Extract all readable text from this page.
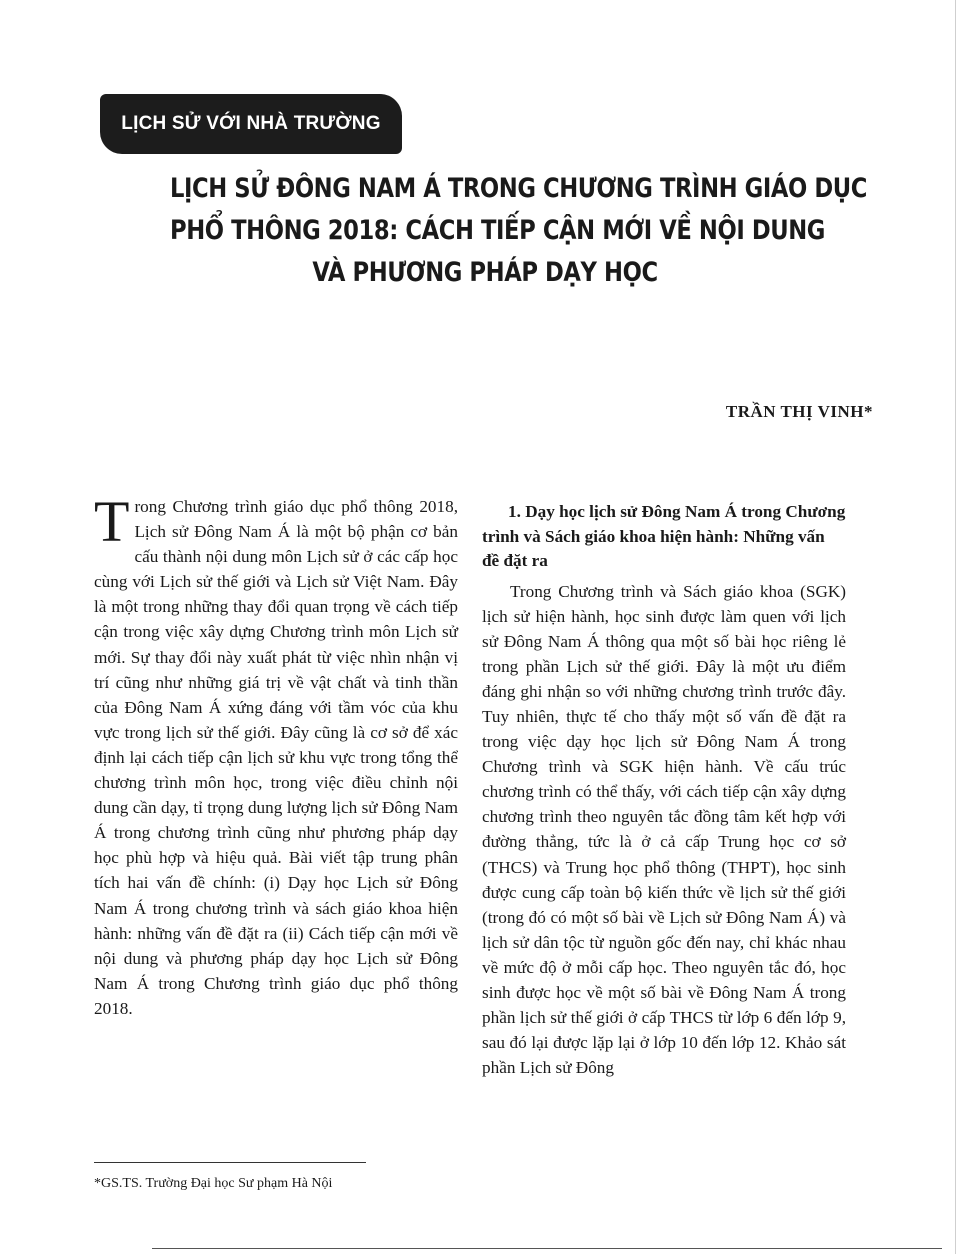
LỊCH SỬ VỚI NHÀ TRƯỜNG
LỊCH SỬ ĐÔNG NAM Á TRONG CHƯƠNG TRÌNH GIÁO DỤC
PHỔ THÔNG 2018: CÁCH TIẾP CẬN MỚI VỀ NỘI DUNG
VÀ PHƯƠNG PHÁP DẠY HỌC
TRẦN THỊ VINH*
Trong Chương trình giáo dục phổ thông 2018, Lịch sử Đông Nam Á là một bộ phận cơ bản cấu thành nội dung môn Lịch sử ở các cấp học cùng với Lịch sử thế giới và Lịch sử Việt Nam. Đây là một trong những thay đổi quan trọng về cách tiếp cận trong việc xây dựng Chương trình môn Lịch sử mới. Sự thay đổi này xuất phát từ việc nhìn nhận vị trí cũng như những giá trị về vật chất và tinh thần của Đông Nam Á xứng đáng với tầm vóc của khu vực trong lịch sử thế giới. Đây cũng là cơ sở để xác định lại cách tiếp cận lịch sử khu vực trong tổng thể chương trình môn học, trong việc điều chỉnh nội dung cần dạy, tỉ trọng dung lượng lịch sử Đông Nam Á trong chương trình cũng như phương pháp dạy học phù hợp và hiệu quả. Bài viết tập trung phân tích hai vấn đề chính: (i) Dạy học Lịch sử Đông Nam Á trong chương trình và sách giáo khoa hiện hành: những vấn đề đặt ra (ii) Cách tiếp cận mới về nội dung và phương pháp dạy học Lịch sử Đông Nam Á trong Chương trình giáo dục phổ thông 2018.

1. Dạy học lịch sử Đông Nam Á trong Chương trình và Sách giáo khoa hiện hành: Những vấn đề đặt ra

Trong Chương trình và Sách giáo khoa (SGK) lịch sử hiện hành, học sinh được làm quen với lịch sử Đông Nam Á thông qua một số bài học riêng lẻ trong phần Lịch sử thế giới. Đây là một ưu điểm đáng ghi nhận so với những chương trình trước đây. Tuy nhiên, thực tế cho thấy một số vấn đề đặt ra trong việc dạy học lịch sử Đông Nam Á trong Chương trình và SGK hiện hành. Về cấu trúc chương trình có thể thấy, với cách tiếp cận xây dựng chương trình theo nguyên tắc đồng tâm kết hợp với đường thẳng, tức là ở cả cấp Trung học cơ sở (THCS) và Trung học phổ thông (THPT), học sinh được cung cấp toàn bộ kiến thức về lịch sử thế giới (trong đó có một số bài về Lịch sử Đông Nam Á) và lịch sử dân tộc từ nguồn gốc đến nay, chỉ khác nhau về mức độ ở mỗi cấp học. Theo nguyên tắc đó, học sinh được học về một số bài về Đông Nam Á trong phần lịch sử thế giới ở cấp THCS từ lớp 6 đến lớp 9, sau đó lại được lặp lại ở lớp 10 đến lớp 12. Khảo sát phần Lịch sử Đông

*GS.TS. Trường Đại học Sư phạm Hà Nội
